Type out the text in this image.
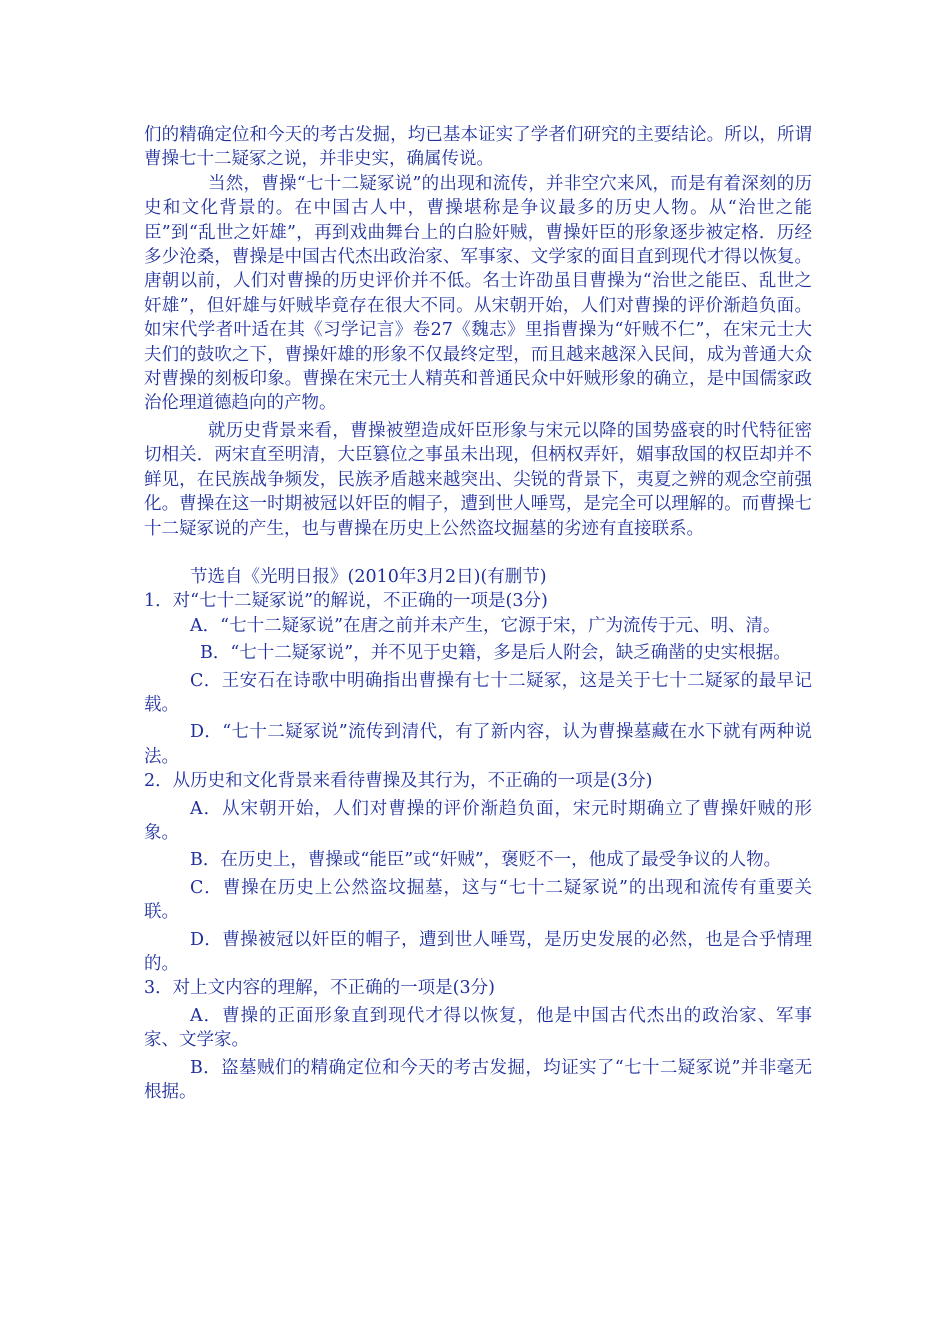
们的精确定位和今天的考古发掘，均已基本证实了学者们研究的主要结论。所以，所谓曹操七十二疑冢之说，并非史实，确属传说。

当然，曹操“七十二疑冢说”的出现和流传，并非空穴来风，而是有着深刻的历史和文化背景的。在中国古人中，曹操堪称是争议最多的历史人物。从“治世之能臣”到“乱世之奸雄”，再到戏曲舞台上的白脸奸贼，曹操奸臣的形象逐步被定格．历经多少沧桑，曹操是中国古代杰出政治家、军事家、文学家的面目直到现代才得以恢复。唐朝以前，人们对曹操的历史评价并不低。名士许劭虽目曹操为“治世之能臣、乱世之奸雄”，但奸雄与奸贼毕竟存在很大不同。从宋朝开始，人们对曹操的评价渐趋负面。如宋代学者叶适在其《习学记言》卷27《魏志》里指曹操为“奸贼不仁”，在宋元士大夫们的鼓吹之下，曹操奸雄的形象不仅最终定型，而且越来越深入民间，成为普通大众对曹操的刻板印象。曹操在宋元士人精英和普通民众中奸贼形象的确立，是中国儒家政治伦理道德趋向的产物。

就历史背景来看，曹操被塑造成奸臣形象与宋元以降的国势盛衰的时代特征密切相关．两宋直至明清，大臣篡位之事虽未出现，但柄权弄奸，媚事敌国的权臣却并不鲜见，在民族战争频发，民族矛盾越来越突出、尖锐的背景下，夷夏之辨的观念空前强化。曹操在这一时期被冠以奸臣的帽子，遭到世人唾骂，是完全可以理解的。而曹操七十二疑冢说的产生，也与曹操在历史上公然盗坟掘墓的劣迹有直接联系。

节选自《光明日报》(2010年3月2日)(有删节)

1．对“七十二疑冢说”的解说，不正确的一项是(3分)

A．“七十二疑冢说”在唐之前并未产生，它源于宋，广为流传于元、明、清。

B．“七十二疑冢说”，并不见于史籍，多是后人附会，缺乏确凿的史实根据。

C．王安石在诗歌中明确指出曹操有七十二疑冢，这是关于七十二疑冢的最早记载。

D．“七十二疑冢说”流传到清代，有了新内容，认为曹操墓藏在水下就有两种说法。

2．从历史和文化背景来看待曹操及其行为，不正确的一项是(3分)

A．从宋朝开始，人们对曹操的评价渐趋负面，宋元时期确立了曹操奸贼的形象。

B．在历史上，曹操或“能臣”或“奸贼”，褒贬不一，他成了最受争议的人物。

C．曹操在历史上公然盗坟掘墓，这与“七十二疑冢说”的出现和流传有重要关联。

D．曹操被冠以奸臣的帽子，遭到世人唾骂，是历史发展的必然，也是合乎情理的。

3．对上文内容的理解，不正确的一项是(3分)

A．曹操的正面形象直到现代才得以恢复，他是中国古代杰出的政治家、军事家、文学家。

B．盗墓贼们的精确定位和今天的考古发掘，均证实了“七十二疑冢说”并非毫无根据。
